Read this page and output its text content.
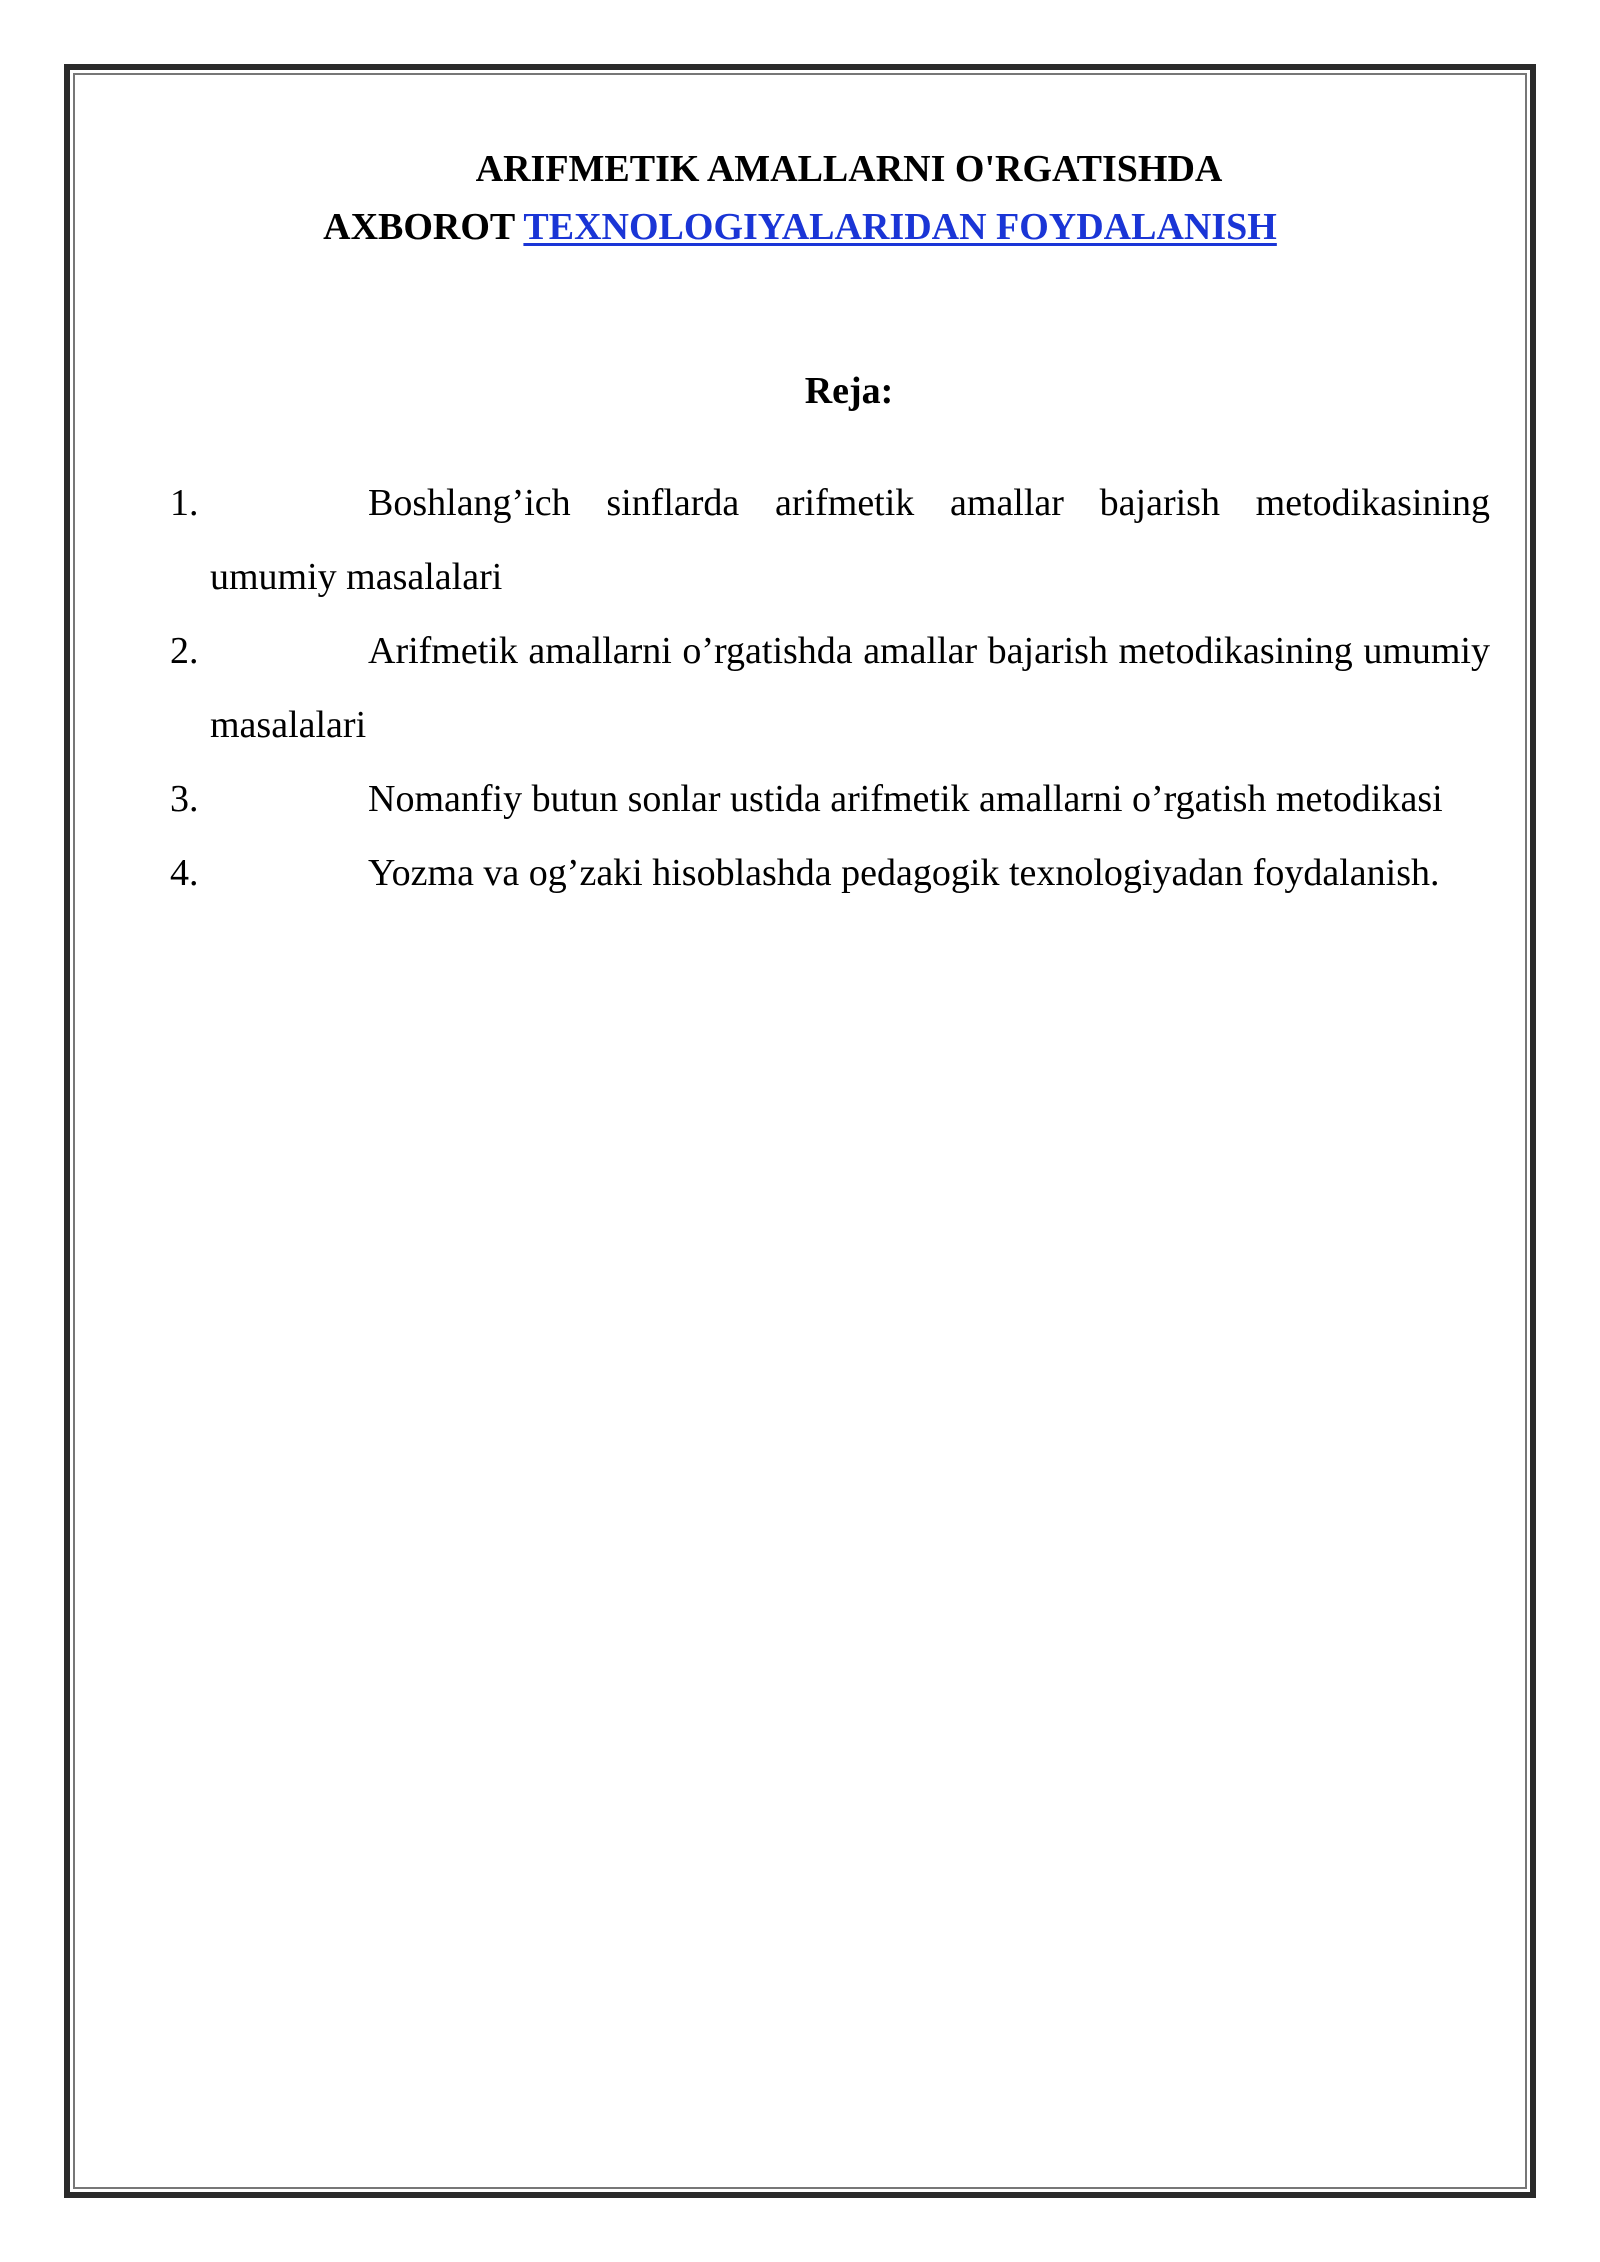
ARIFMETIK AMALLARNI O'RGATISHDA
AXBOROT TEXNOLOGIYALARIDAN FOYDALANISH
Reja:
1.	Boshlang’ich sinflarda arifmetik amallar bajarish metodikasining umumiy masalalari
2.	Arifmetik amallarni o’rgatishda amallar bajarish metodikasining umumiy masalalari
3.	Nomanfiy butun sonlar ustida arifmetik amallarni o’rgatish metodikasi
4.	Yozma va og’zaki hisoblashda pedagogik texnologiyadan foydalanish.
